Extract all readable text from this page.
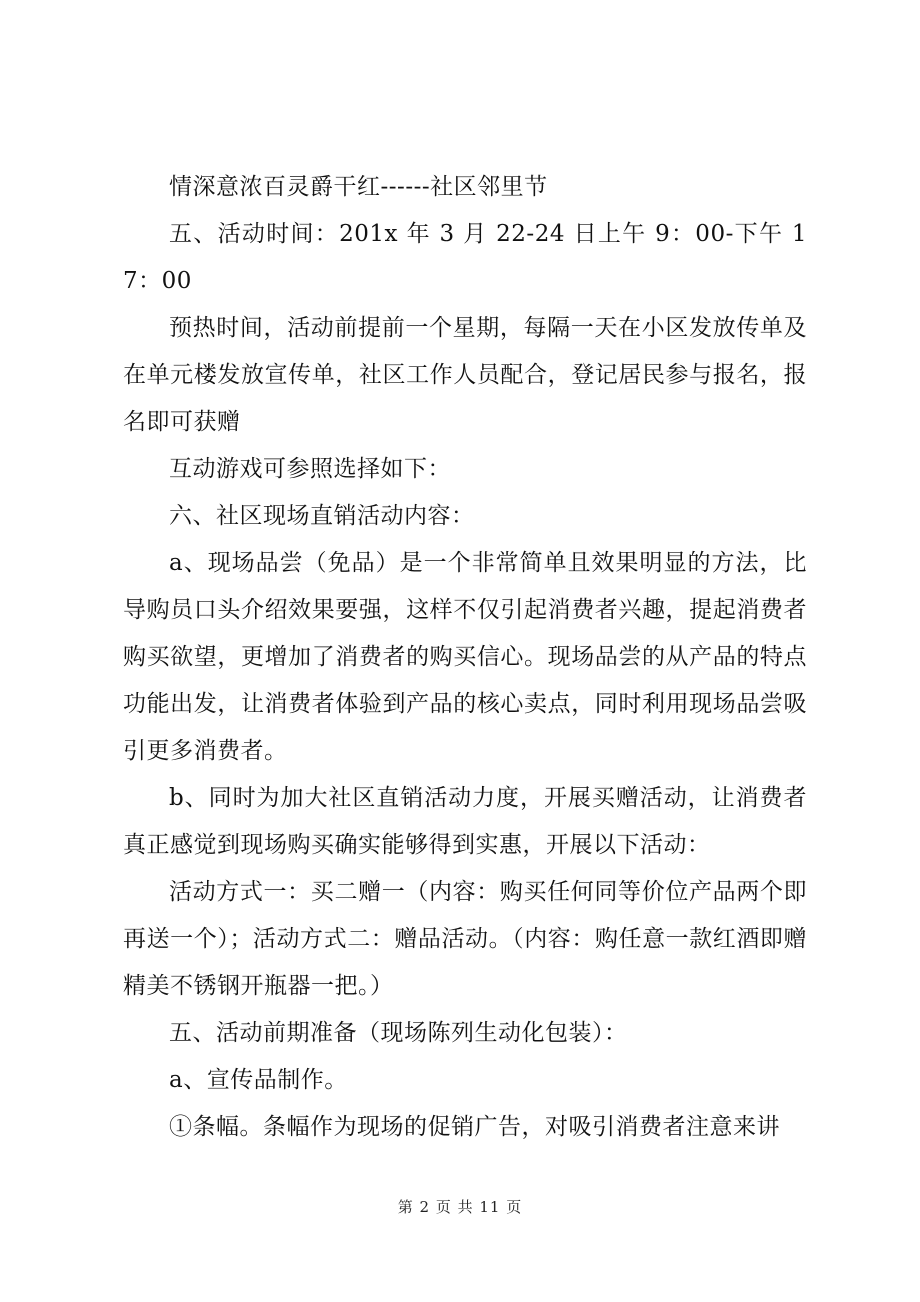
情深意浓百灵爵干红------社区邻里节

五、活动时间：201x 年 3 月 22-24 日上午 9：00-下午 17：00

预热时间，活动前提前一个星期，每隔一天在小区发放传单及在单元楼发放宣传单，社区工作人员配合，登记居民参与报名，报名即可获赠

互动游戏可参照选择如下：

六、社区现场直销活动内容：

a、现场品尝（免品）是一个非常简单且效果明显的方法，比导购员口头介绍效果要强，这样不仅引起消费者兴趣，提起消费者购买欲望，更增加了消费者的购买信心。现场品尝的从产品的特点功能出发，让消费者体验到产品的核心卖点，同时利用现场品尝吸引更多消费者。

b、同时为加大社区直销活动力度，开展买赠活动，让消费者真正感觉到现场购买确实能够得到实惠，开展以下活动：

活动方式一：买二赠一（内容：购买任何同等价位产品两个即再送一个）；活动方式二：赠品活动。（内容：购任意一款红酒即赠精美不锈钢开瓶器一把。）

五、活动前期准备（现场陈列生动化包装）：

a、宣传品制作。

①条幅。条幅作为现场的促销广告，对吸引消费者注意来讲

第 2 页 共 11 页
